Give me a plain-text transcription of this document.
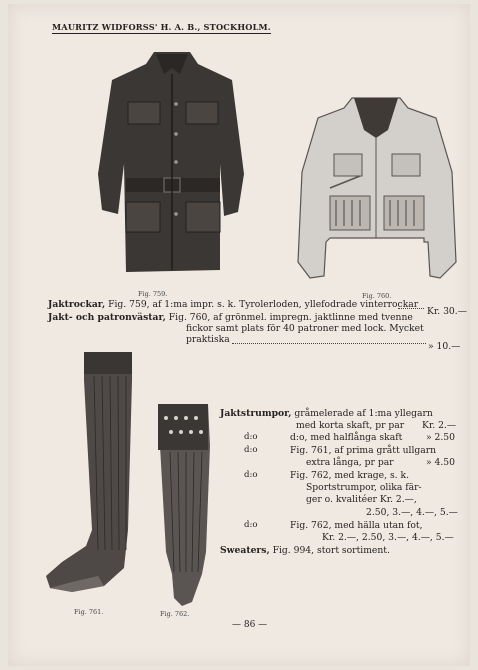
MAURITZ WIDFORSS' H. A. B., STOCKHOLM.
Fig. 759.	Fig. 760.
Jaktrockar, Fig. 759, af 1:ma impr. s. k. Tyrolerloden, yllefodrade vinterrockar
Kr. 30.—
Jakt- och patronvästar, Fig. 760, af grönmel. impregn. jaktlinne med tvenne
fickor samt plats för 40 patroner med lock. Mycket
praktiska
» 10.—
Fig. 761.	Fig. 762.
Jaktstrumpor, gråmelerade af 1:ma yllegarn
med korta skaft, pr par Kr. 2.—
d:o	d:o, med halflånga skaft	» 2.50
d:o	Fig. 761, af prima grått ullgarn
extra långa, pr par	» 4.50
d:o	Fig. 762, med krage, s. k.
Sportstrumpor, olika fär-
ger o. kvalitéer Kr. 2.—,
2.50, 3.—, 4.—, 5.—
d:o	Fig. 762, med hälla utan fot,
Kr. 2.—, 2.50, 3.—, 4.—, 5.—
Sweaters, Fig. 994, stort sortiment.
— 86 —
